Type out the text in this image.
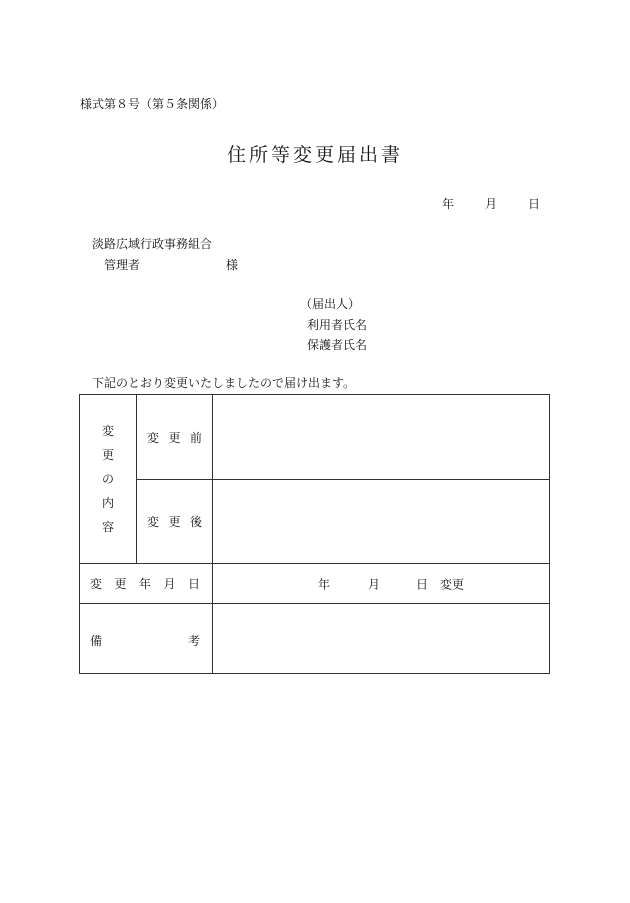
様式第８号（第５条関係）
住所等変更届出書
年	月	日
淡路広域行政事務組合
管理者	様
（届出人）
利用者氏名
保護者氏名
下記のとおり変更いたしましたので届け出ます。
変
更
の
内
容	変 更 前	

	変 更 後	

変 更 年 月 日		年 月 日　変更

備 考		
